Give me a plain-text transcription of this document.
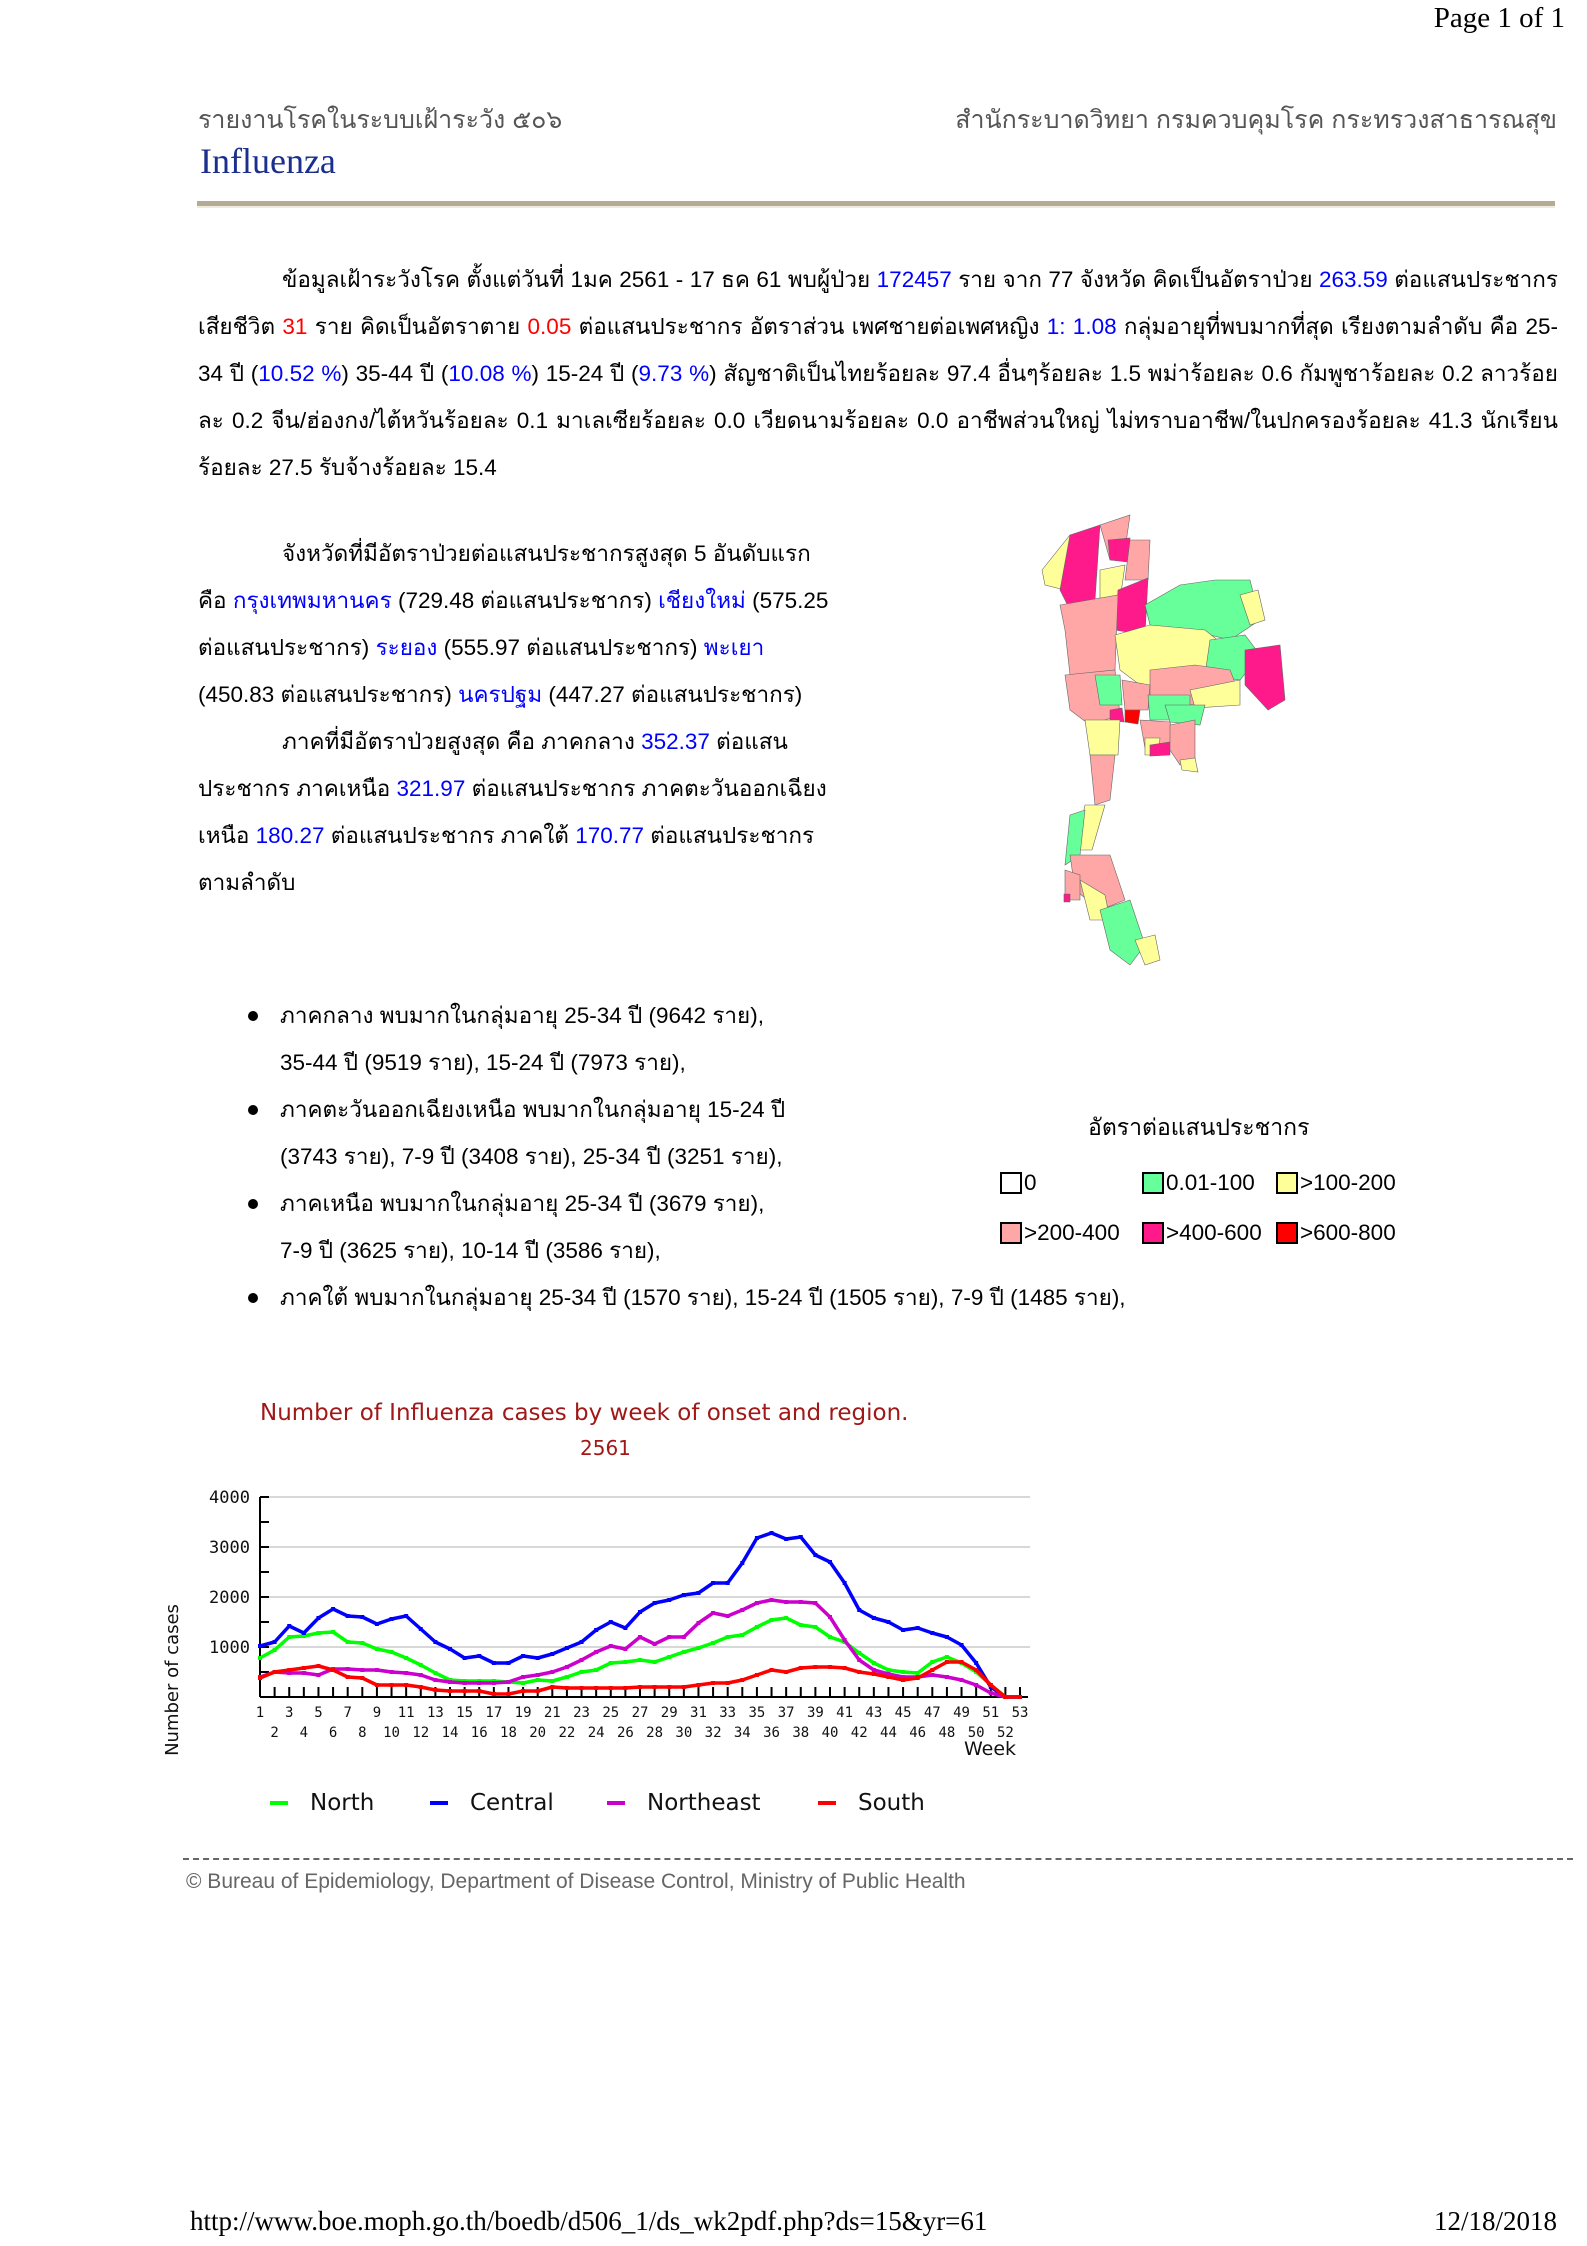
Page 1 of 1
รายงานโรคในระบบเฝ้าระวัง ๕๐๖	สำนักระบาดวิทยา กรมควบคุมโรค กระทรวงสาธารณสุข
Influenza
ข้อมูลเฝ้าระวังโรค ตั้งแต่วันที่ 1มค 2561 - 17 ธค 61 พบผู้ป่วย 172457 ราย จาก 77 จังหวัด คิดเป็นอัตราป่วย 263.59 ต่อแสนประชากร เสียชีวิต 31 ราย คิดเป็นอัตราตาย 0.05 ต่อแสนประชากร อัตราส่วน เพศชายต่อเพศหญิง 1: 1.08 กลุ่มอายุที่พบมากที่สุด เรียงตามลำดับ คือ 25-34 ปี (10.52 %) 35-44 ปี (10.08 %) 15-24 ปี (9.73 %) สัญชาติเป็นไทยร้อยละ 97.4 อื่นๆร้อยละ 1.5 พม่าร้อยละ 0.6 กัมพูชาร้อยละ 0.2 ลาวร้อยละ 0.2 จีน/ฮ่องกง/ไต้หวันร้อยละ 0.1 มาเลเซียร้อยละ 0.0 เวียดนามร้อยละ 0.0 อาชีพส่วนใหญ่ ไม่ทราบอาชีพ/ในปกครองร้อยละ 41.3 นักเรียนร้อยละ 27.5 รับจ้างร้อยละ 15.4
จังหวัดที่มีอัตราป่วยต่อแสนประชากรสูงสุด 5 อันดับแรกคือ กรุงเทพมหานคร (729.48 ต่อแสนประชากร) เชียงใหม่ (575.25 ต่อแสนประชากร) ระยอง (555.97 ต่อแสนประชากร) พะเยา (450.83 ต่อแสนประชากร) นครปฐม (447.27 ต่อแสนประชากร)
ภาคที่มีอัตราป่วยสูงสุด คือ ภาคกลาง 352.37 ต่อแสนประชากร ภาคเหนือ 321.97 ต่อแสนประชากร ภาคตะวันออกเฉียงเหนือ 180.27 ต่อแสนประชากร ภาคใต้ 170.77 ต่อแสนประชากรตามลำดับ
อัตราต่อแสนประชากร
0	0.01-100 >100-200
>200-400 >400-600 >600-800
ภาคกลาง พบมากในกลุ่มอายุ 25-34 ปี (9642 ราย),
35-44 ปี (9519 ราย), 15-24 ปี (7973 ราย),
ภาคตะวันออกเฉียงเหนือ พบมากในกลุ่มอายุ 15-24 ปี
(3743 ราย), 7-9 ปี (3408 ราย), 25-34 ปี (3251 ราย),
ภาคเหนือ พบมากในกลุ่มอายุ 25-34 ปี (3679 ราย),
7-9 ปี (3625 ราย), 10-14 ปี (3586 ราย),
ภาคใต้ พบมากในกลุ่มอายุ 25-34 ปี (1570 ราย), 15-24 ปี (1505 ราย), 7-9 ปี (1485 ราย),
Number of Influenza cases by week of onset and region.
2561
1000
2000
3000
4000
1
2
3
4
5
6
7
8
9
10
11
12
13
14
15
16
17
18
19
20
21
22
23
24
25
26
27
28
29
30
31
32
33
34
35
36
37
38
39
40
41
42
43
44
45
46
47
48
49
50
51
52
53
Number of cases	Week
North	Central	Northeast	South
© Bureau of Epidemiology, Department of Disease Control, Ministry of Public Health
http://www.boe.moph.go.th/boedb/d506_1/ds_wk2pdf.php?ds=15&yr=61	12/18/2018
